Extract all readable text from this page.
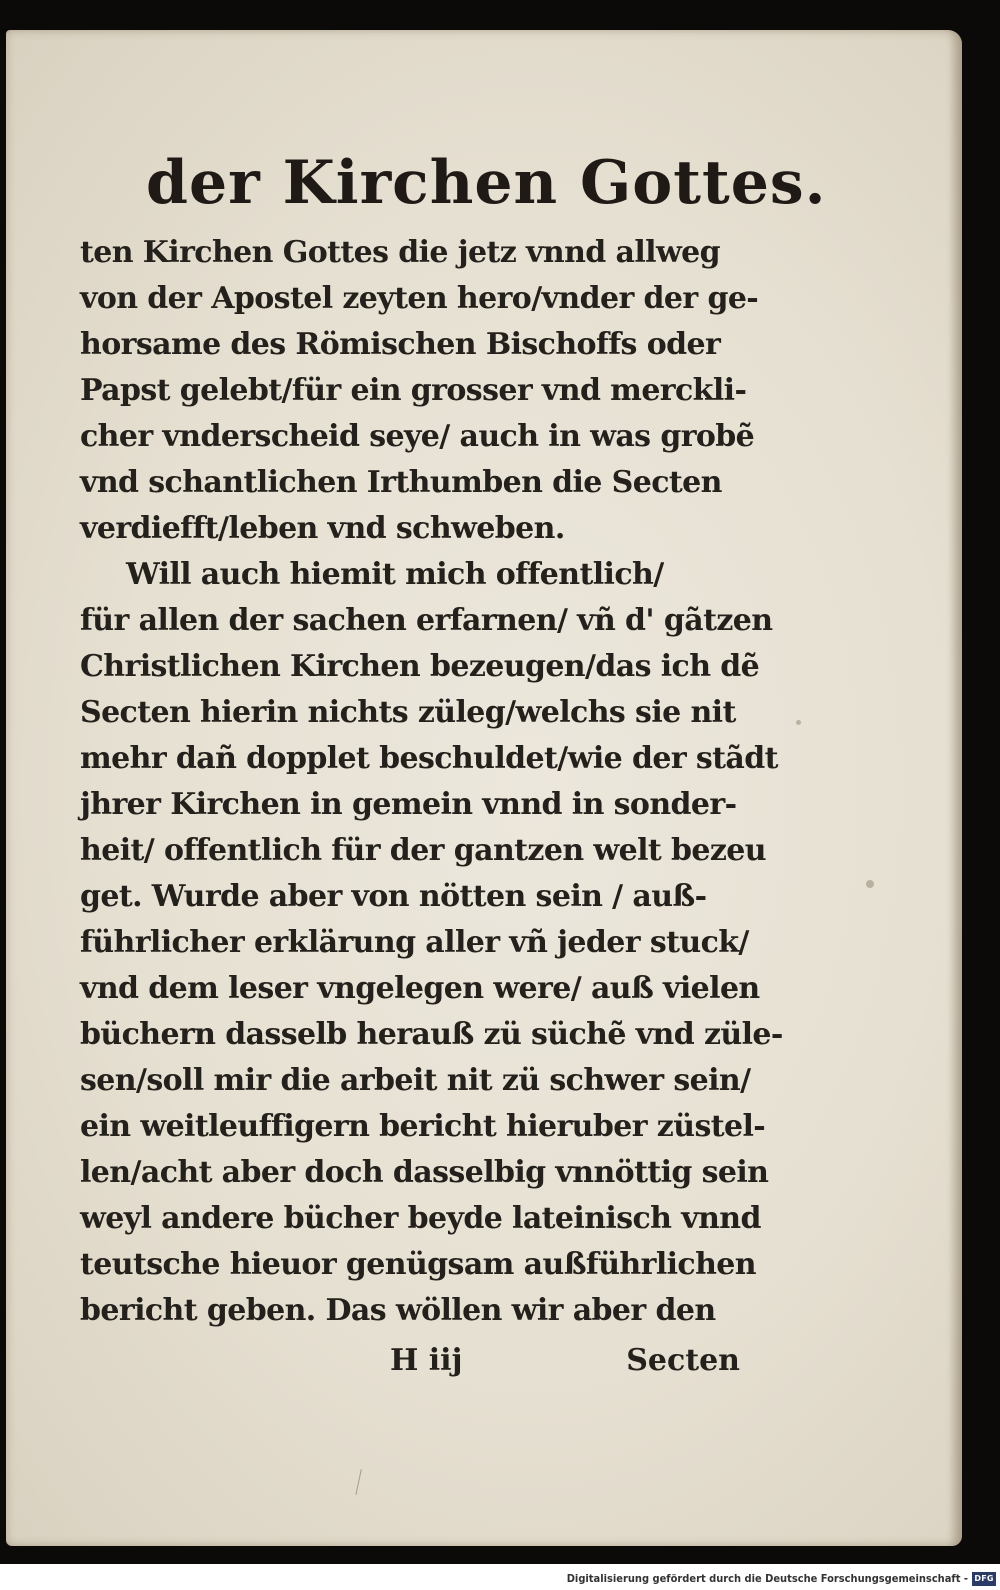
der Kirchen Gottes.
ten Kirchen Gottes die jetz vnnd allweg
von der Apostel zeyten hero/vnder der ge-
horsame des Römischen Bischoffs oder
Papst gelebt/für ein grosser vnd merckli-
cher vnderscheid seye/ auch in was grobẽ
vnd schantlichen Irthumben die Secten
verdiefft/leben vnd schweben.
Will auch hiemit mich offentlich/
für allen der sachen erfarnen/ vñ d' gãtzen
Christlichen Kirchen bezeugen/das ich dẽ
Secten hierin nichts züleg/welchs sie nit
mehr dañ dopplet beschuldet/wie der stãdt
jhrer Kirchen in gemein vnnd in sonder-
heit/ offentlich für der gantzen welt bezeu
get. Wurde aber von nötten sein / auß-
führlicher erklärung aller vñ jeder stuck/
vnd dem leser vngelegen were/ auß vielen
büchern dasselb herauß zü süchẽ vnd züle-
sen/soll mir die arbeit nit zü schwer sein/
ein weitleuffigern bericht hieruber züstel-
len/acht aber doch dasselbig vnnöttig sein
weyl andere bücher beyde lateinisch vnnd
teutsche hieuor genügsam außführlichen
bericht geben. Das wöllen wir aber den
H iij	Secten
Digitalisierung gefördert durch die Deutsche Forschungsgemeinschaft - DFG
